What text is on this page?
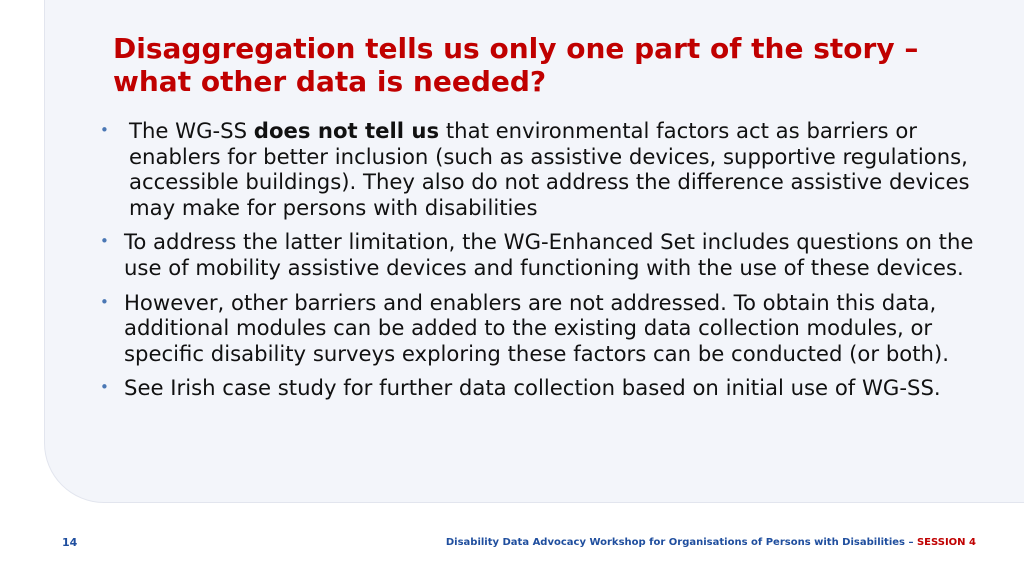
Disaggregation tells us only one part of the story – what other data is needed?
• The WG-SS does not tell us that environmental factors act as barriers or enablers for better inclusion (such as assistive devices, supportive regulations, accessible buildings). They also do not address the difference assistive devices may make for persons with disabilities
• To address the latter limitation, the WG-Enhanced Set includes questions on the use of mobility assistive devices and functioning with the use of these devices.
• However, other barriers and enablers are not addressed. To obtain this data, additional modules can be added to the existing data collection modules, or specific disability surveys exploring these factors can be conducted (or both).
• See Irish case study for further data collection based on initial use of WG-SS.
14	Disability Data Advocacy Workshop for Organisations of Persons with Disabilities – SESSION 4
